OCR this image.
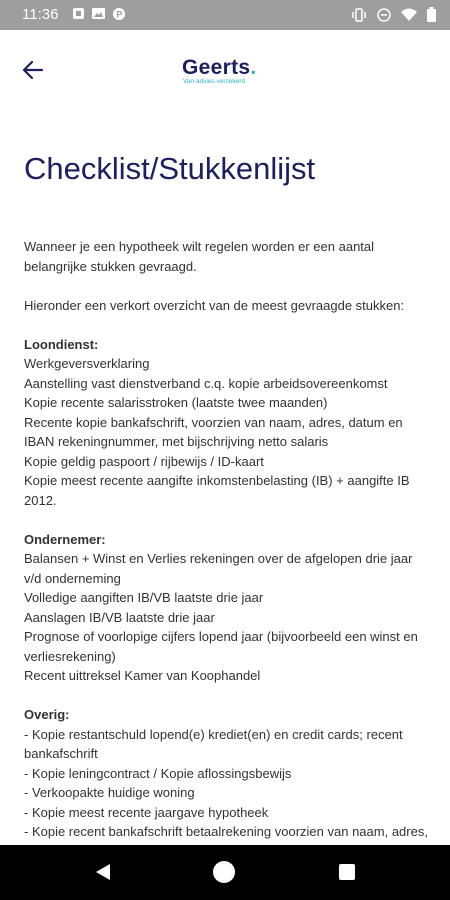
11:36	P
Geerts.
Van advies verzekerd
Checklist/Stukkenlijst

Wanneer je een hypotheek wilt regelen worden er een aantal belangrijke stukken gevraagd.

Hieronder een verkort overzicht van de meest gevraagde stukken:

Loondienst:
Werkgeversverklaring
Aanstelling vast dienstverband c.q. kopie arbeidsovereenkomst
Kopie recente salarisstroken (laatste twee maanden)
Recente kopie bankafschrift, voorzien van naam, adres, datum en IBAN rekeningnummer, met bijschrijving netto salaris
Kopie geldig paspoort / rijbewijs / ID-kaart
Kopie meest recente aangifte inkomstenbelasting (IB) + aangifte IB 2012.
Ondernemer:
Balansen + Winst en Verlies rekeningen over de afgelopen drie jaar v/d onderneming
Volledige aangiften IB/VB laatste drie jaar
Aanslagen IB/VB laatste drie jaar
Prognose of voorlopige cijfers lopend jaar (bijvoorbeeld een winst en verliesrekening)
Recent uittreksel Kamer van Koophandel
Overig:
- Kopie restantschuld lopend(e) krediet(en) en credit cards; recent bankafschrift
- Kopie leningcontract / Kopie aflossingsbewijs
- Verkoopakte huidige woning
- Kopie meest recente jaargave hypotheek
- Kopie recent bankafschrift betaalrekening voorzien van naam, adres,
